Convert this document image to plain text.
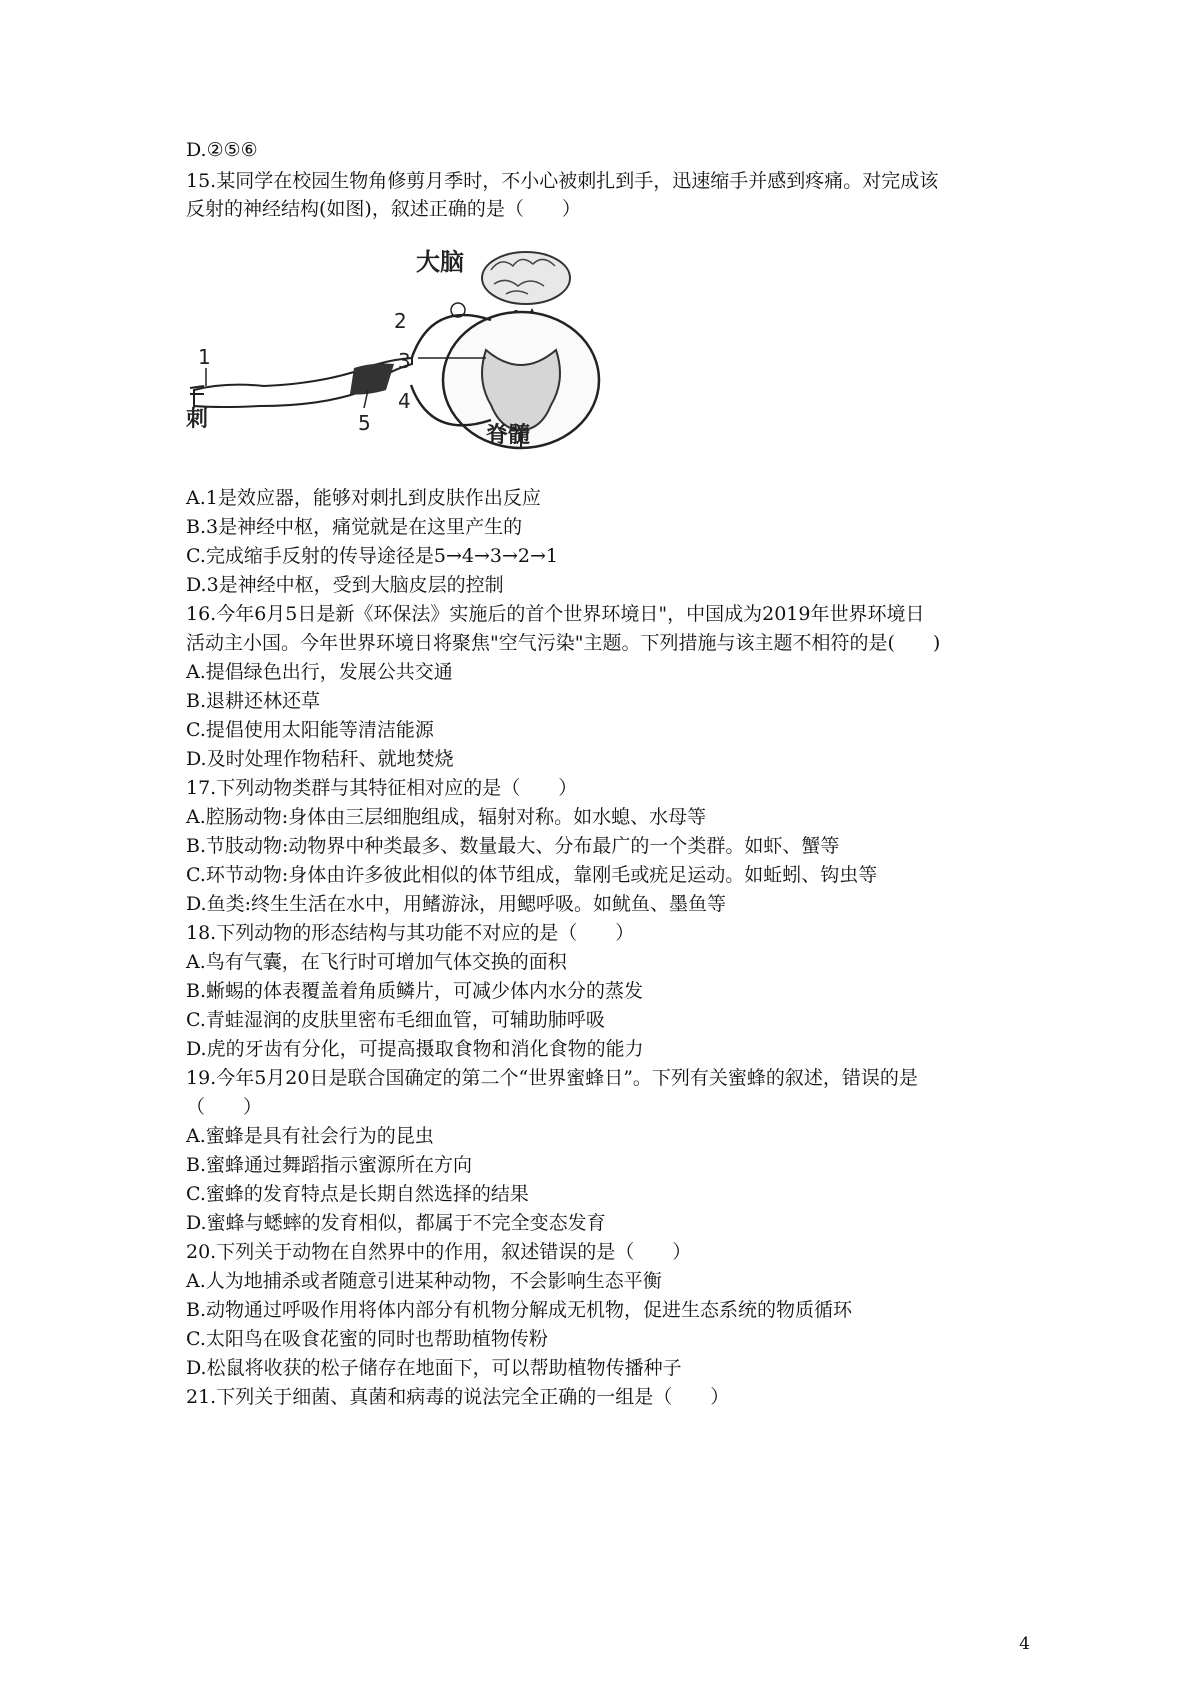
D.②⑤⑥
15.某同学在校园生物角修剪月季时，不小心被刺扎到手，迅速缩手并感到疼痛。对完成该
反射的神经结构(如图)，叙述正确的是（　　）
大脑
1
2
3
4
5
刺
脊髓
A.1是效应器，能够对刺扎到皮肤作出反应
B.3是神经中枢，痛觉就是在这里产生的
C.完成缩手反射的传导途径是5→4→3→2→1
D.3是神经中枢，受到大脑皮层的控制
16.今年6月5日是新《环保法》实施后的首个世界环境日"，中国成为2019年世界环境日
活动主小国。今年世界环境日将聚焦"空气污染"主题。下列措施与该主题不相符的是(　　)
A.提倡绿色出行，发展公共交通
B.退耕还林还草
C.提倡使用太阳能等清洁能源
D.及时处理作物秸秆、就地焚烧
17.下列动物类群与其特征相对应的是（　　）
A.腔肠动物:身体由三层细胞组成，辐射对称。如水螅、水母等
B.节肢动物:动物界中种类最多、数量最大、分布最广的一个类群。如虾、蟹等
C.环节动物:身体由许多彼此相似的体节组成，靠刚毛或疣足运动。如蚯蚓、钩虫等
D.鱼类:终生生活在水中，用鳍游泳，用鳃呼吸。如鱿鱼、墨鱼等
18.下列动物的形态结构与其功能不对应的是（　　）
A.鸟有气囊，在飞行时可增加气体交换的面积
B.蜥蜴的体表覆盖着角质鳞片，可减少体内水分的蒸发
C.青蛙湿润的皮肤里密布毛细血管，可辅助肺呼吸
D.虎的牙齿有分化，可提高摄取食物和消化食物的能力
19.今年5月20日是联合国确定的第二个“世界蜜蜂日”。下列有关蜜蜂的叙述，错误的是
（　　）
A.蜜蜂是具有社会行为的昆虫
B.蜜蜂通过舞蹈指示蜜源所在方向
C.蜜蜂的发育特点是长期自然选择的结果
D.蜜蜂与蟋蟀的发育相似，都属于不完全变态发育
20.下列关于动物在自然界中的作用，叙述错误的是（　　）
A.人为地捕杀或者随意引进某种动物，不会影响生态平衡
B.动物通过呼吸作用将体内部分有机物分解成无机物，促进生态系统的物质循环
C.太阳鸟在吸食花蜜的同时也帮助植物传粉
D.松鼠将收获的松子储存在地面下，可以帮助植物传播种子
21.下列关于细菌、真菌和病毒的说法完全正确的一组是（　　）
4
